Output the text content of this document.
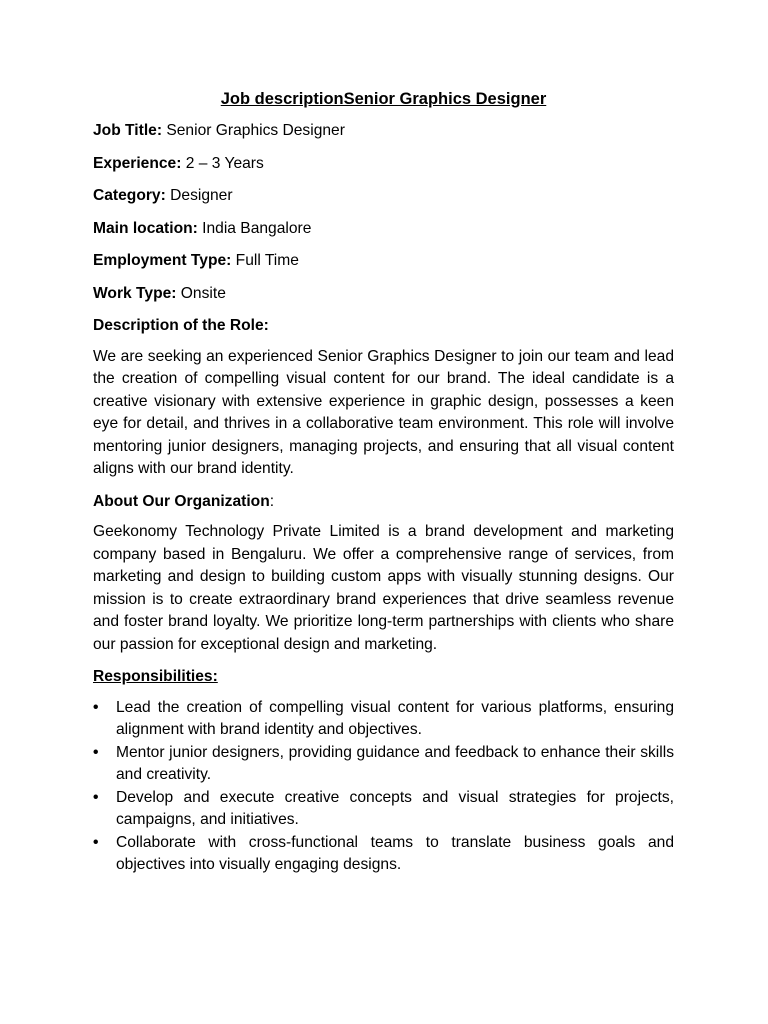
Job descriptionSenior Graphics Designer
Job Title: Senior Graphics Designer
Experience: 2 – 3 Years
Category: Designer
Main location: India Bangalore
Employment Type: Full Time
Work Type: Onsite
Description of the Role:
We are seeking an experienced Senior Graphics Designer to join our team and lead the creation of compelling visual content for our brand. The ideal candidate is a creative visionary with extensive experience in graphic design, possesses a keen eye for detail, and thrives in a collaborative team environment. This role will involve mentoring junior designers, managing projects, and ensuring that all visual content aligns with our brand identity.
About Our Organization:
Geekonomy Technology Private Limited is a brand development and marketing company based in Bengaluru. We offer a comprehensive range of services, from marketing and design to building custom apps with visually stunning designs. Our mission is to create extraordinary brand experiences that drive seamless revenue and foster brand loyalty. We prioritize long-term partnerships with clients who share our passion for exceptional design and marketing.
Responsibilities:
• Lead the creation of compelling visual content for various platforms, ensuring alignment with brand identity and objectives.
• Mentor junior designers, providing guidance and feedback to enhance their skills and creativity.
• Develop and execute creative concepts and visual strategies for projects, campaigns, and initiatives.
• Collaborate with cross-functional teams to translate business goals and objectives into visually engaging designs.
